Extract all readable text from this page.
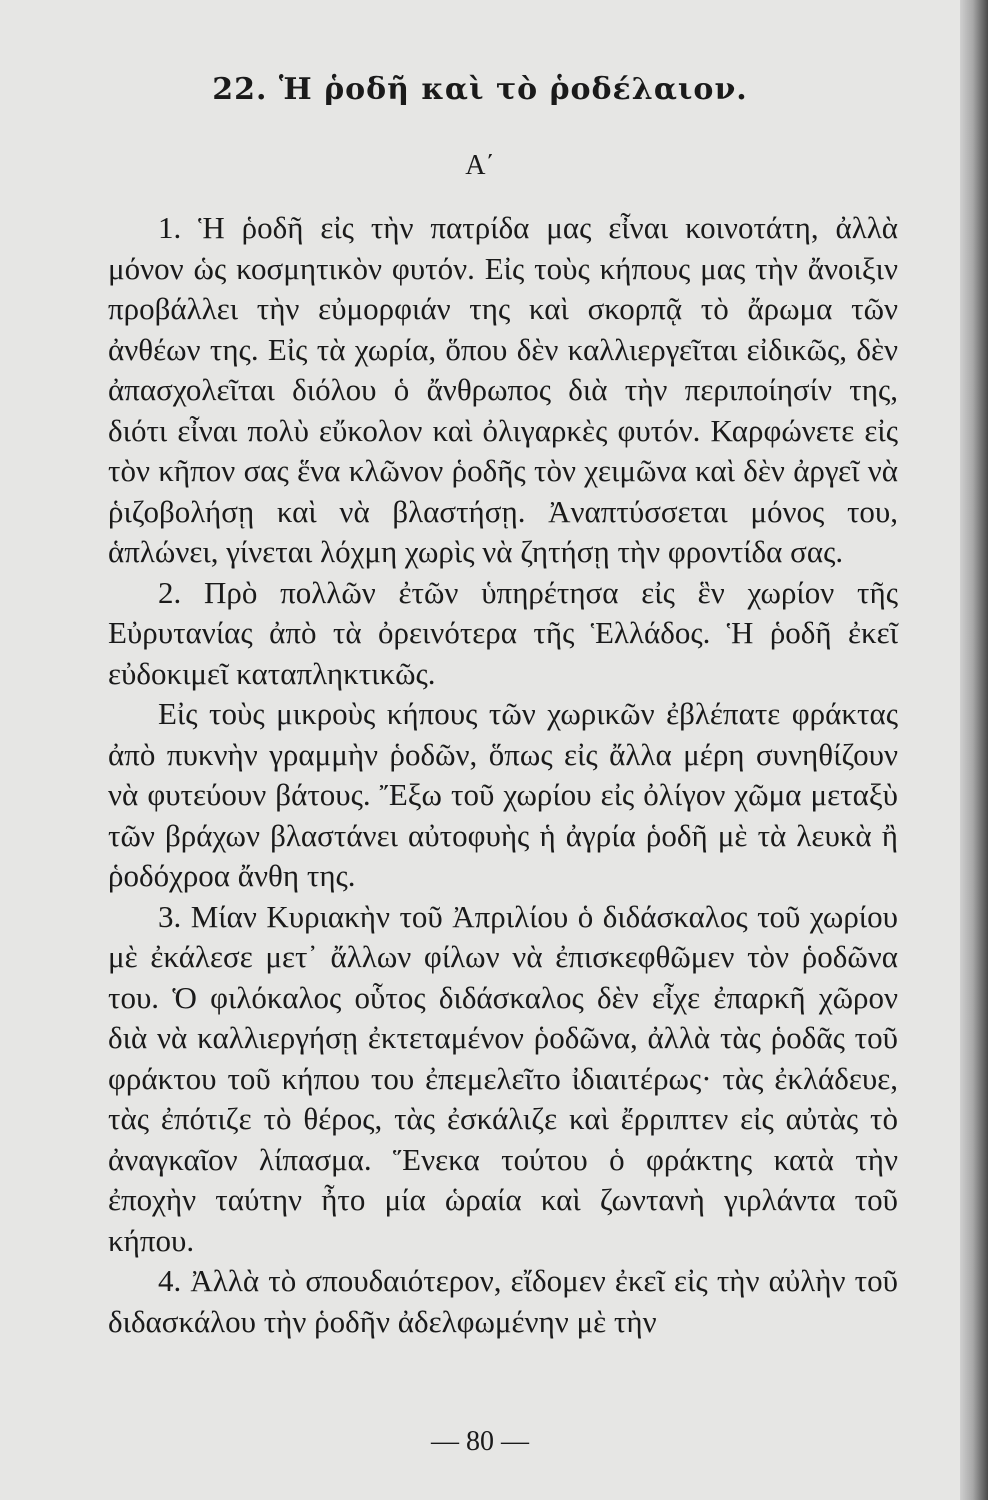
22. Ἡ ῥοδῆ καὶ τὸ ῥοδέλαιον.
Α΄

1. Ἡ ῥοδῆ εἰς τὴν πατρίδα μας εἶναι κοινοτάτη, ἀλλὰ μόνον ὡς κοσμητικὸν φυτόν. Εἰς τοὺς κήπους μας τὴν ἄνοιξιν προβάλλει τὴν εὐμορφιάν της καὶ σκορπᾷ τὸ ἄρωμα τῶν ἀνθέων της. Εἰς τὰ χωρία, ὅπου δὲν καλλιεργεῖται εἰδικῶς, δὲν ἀπασχολεῖται διόλου ὁ ἄνθρωπος διὰ τὴν περιποίησίν της, διότι εἶναι πολὺ εὔκολον καὶ ὀλιγαρκὲς φυτόν. Καρφώνετε εἰς τὸν κῆπον σας ἕνα κλῶνον ῥοδῆς τὸν χειμῶνα καὶ δὲν ἀργεῖ νὰ ῥιζοβολήσῃ καὶ νὰ βλαστήσῃ. Ἀναπτύσσεται μόνος του, ἁπλώνει, γίνεται λόχμη χωρὶς νὰ ζητήσῃ τὴν φροντίδα σας.

2. Πρὸ πολλῶν ἐτῶν ὑπηρέτησα εἰς ἓν χωρίον τῆς Εὐρυτανίας ἀπὸ τὰ ὀρεινότερα τῆς Ἑλλάδος. Ἡ ῥοδῆ ἐκεῖ εὐδοκιμεῖ καταπληκτικῶς.

Εἰς τοὺς μικροὺς κήπους τῶν χωρικῶν ἐβλέπατε φράκτας ἀπὸ πυκνὴν γραμμὴν ῥοδῶν, ὅπως εἰς ἄλλα μέρη συνηθίζουν νὰ φυτεύουν βάτους. Ἔξω τοῦ χωρίου εἰς ὀλίγον χῶμα μεταξὺ τῶν βράχων βλαστάνει αὐτοφυὴς ἡ ἀγρία ῥοδῆ μὲ τὰ λευκὰ ἢ ῥοδόχροα ἄνθη της.

3. Μίαν Κυριακὴν τοῦ Ἀπριλίου ὁ διδάσκαλος τοῦ χωρίου μὲ ἐκάλεσε μετ᾽ ἄλλων φίλων νὰ ἐπισκεφθῶμεν τὸν ῥοδῶνα του. Ὁ φιλόκαλος οὗτος διδάσκαλος δὲν εἶχε ἐπαρκῆ χῶρον διὰ νὰ καλλιεργήσῃ ἐκτεταμένον ῥοδῶνα, ἀλλὰ τὰς ῥοδᾶς τοῦ φράκτου τοῦ κήπου του ἐπεμελεῖτο ἰδιαιτέρως· τὰς ἐκλάδευε, τὰς ἐπότιζε τὸ θέρος, τὰς ἐσκάλιζε καὶ ἔρριπτεν εἰς αὐτὰς τὸ ἀναγκαῖον λίπασμα. Ἕνεκα τούτου ὁ φράκτης κατὰ τὴν ἐποχὴν ταύτην ἦτο μία ὡραία καὶ ζωντανὴ γιρλάντα τοῦ κήπου.

4. Ἀλλὰ τὸ σπουδαιότερον, εἴδομεν ἐκεῖ εἰς τὴν αὐλὴν τοῦ διδασκάλου τὴν ῥοδῆν ἀδελφωμένην μὲ τὴν

— 80 —
